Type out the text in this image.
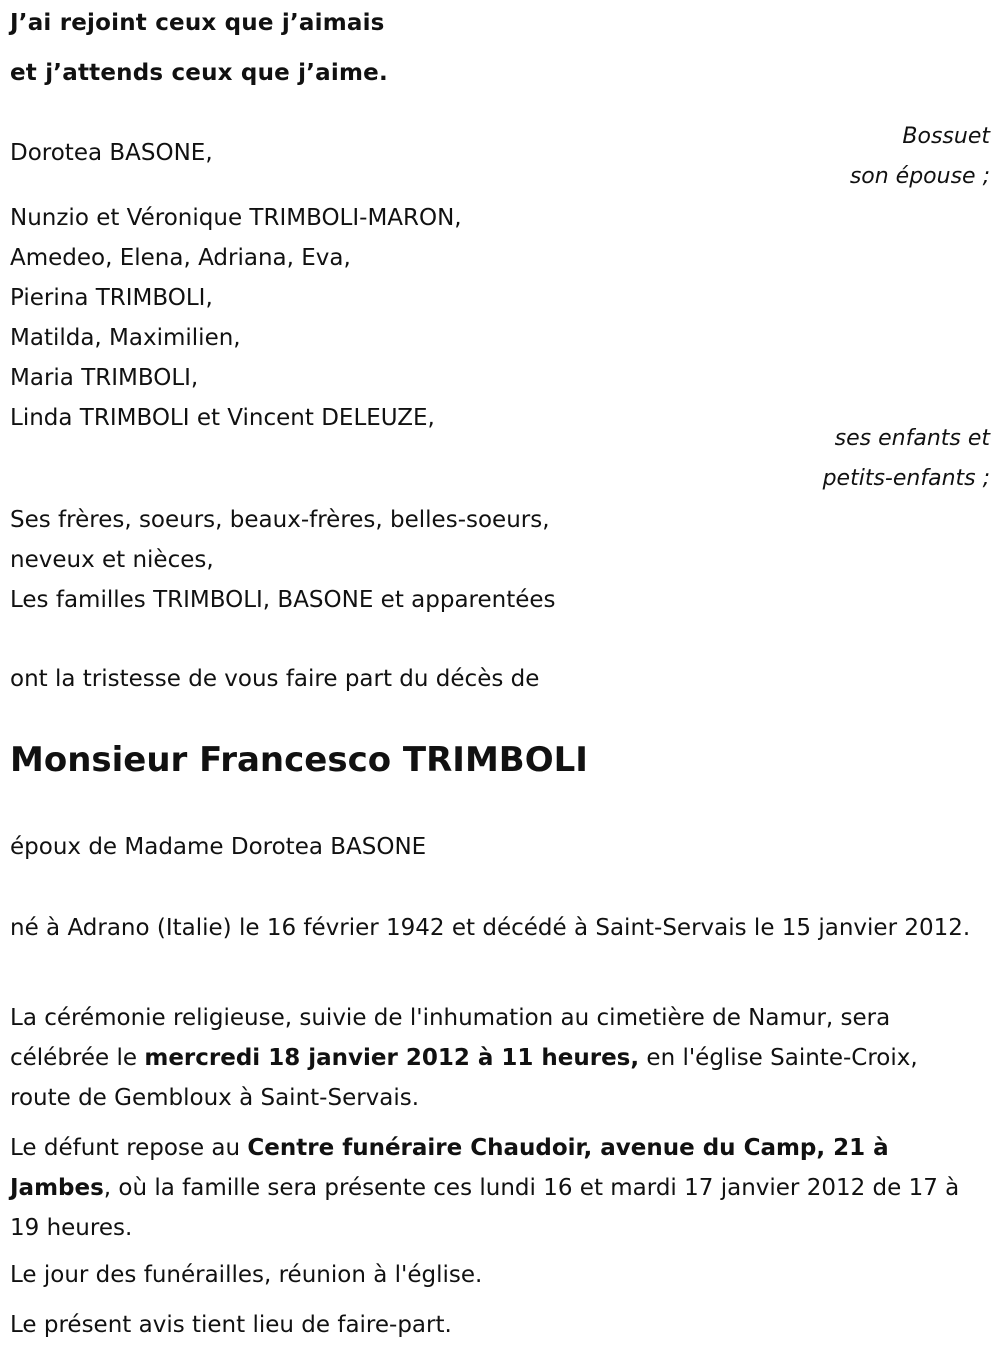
J’ai rejoint ceux que j’aimais
et j’attends ceux que j’aime.
Dorotea BASONE,
Bossuet
son épouse ;
Nunzio et Véronique TRIMBOLI-MARON,
Amedeo, Elena, Adriana, Eva,
Pierina TRIMBOLI,
Matilda, Maximilien,
Maria TRIMBOLI,
Linda TRIMBOLI et Vincent DELEUZE,
ses enfants et
petits-enfants ;
Ses frères, soeurs, beaux-frères, belles-soeurs,
neveux et nièces,
Les familles TRIMBOLI, BASONE et apparentées
ont la tristesse de vous faire part du décès de
Monsieur Francesco TRIMBOLI
époux de Madame Dorotea BASONE
né à Adrano (Italie) le 16 février 1942 et décédé à Saint-Servais le 15 janvier 2012.
La cérémonie religieuse, suivie de l'inhumation au cimetière de Namur, sera célébrée le mercredi 18 janvier 2012 à 11 heures, en l'église Sainte-Croix, route de Gembloux à Saint-Servais.
Le défunt repose au Centre funéraire Chaudoir, avenue du Camp, 21 à Jambes, où la famille sera présente ces lundi 16 et mardi 17 janvier 2012 de 17 à 19 heures.
Le jour des funérailles, réunion à l'église.
Le présent avis tient lieu de faire-part.
